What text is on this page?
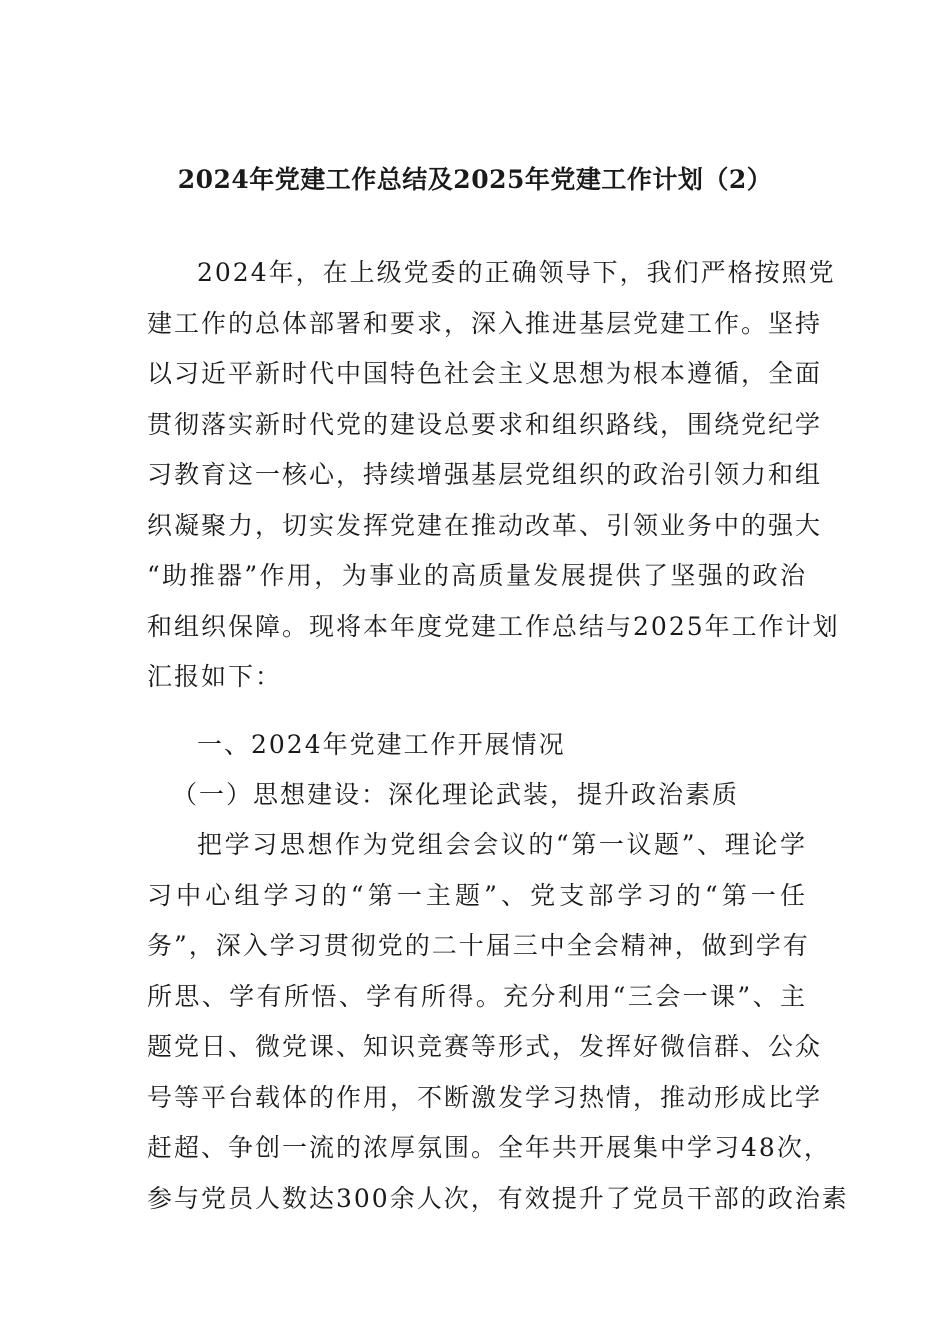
2024年党建工作总结及2025年党建工作计划（2）
2024年，在上级党委的正确领导下，我们严格按照党
建工作的总体部署和要求，深入推进基层党建工作。坚持
以习近平新时代中国特色社会主义思想为根本遵循，全面
贯彻落实新时代党的建设总要求和组织路线，围绕党纪学
习教育这一核心，持续增强基层党组织的政治引领力和组
织凝聚力，切实发挥党建在推动改革、引领业务中的强大
“助推器”作用，为事业的高质量发展提供了坚强的政治
和组织保障。现将本年度党建工作总结与2025年工作计划
汇报如下：
一、2024年党建工作开展情况
（一）思想建设：深化理论武装，提升政治素质
把学习思想作为党组会会议的“第一议题”、理论学
习中心组学习的“第一主题”、党支部学习的“第一任
务”，深入学习贯彻党的二十届三中全会精神，做到学有
所思、学有所悟、学有所得。充分利用“三会一课”、主
题党日、微党课、知识竞赛等形式，发挥好微信群、公众
号等平台载体的作用，不断激发学习热情，推动形成比学
赶超、争创一流的浓厚氛围。全年共开展集中学习48次，
参与党员人数达300余人次，有效提升了党员干部的政治素
